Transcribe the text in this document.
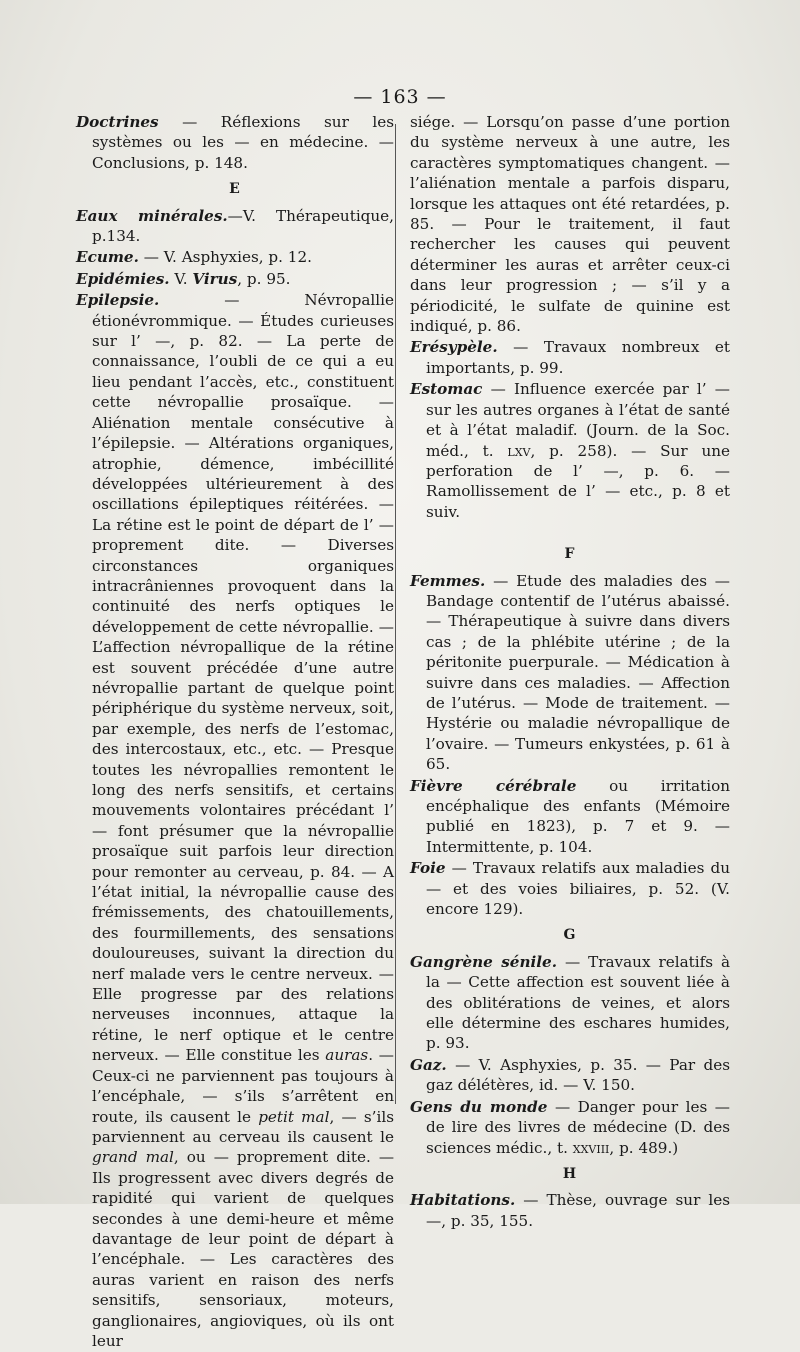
— 163 —

Doctrines — Réflexions sur les systèmes ou les — en médecine. — Conclusions, p. 148.

E

Eaux minérales.—V. Thérapeutique, p.134.

Ecume. — V. Asphyxies, p. 12.

Epidémies. V. Virus, p. 95.

Epilepsie. — Névropallie étionévrommique. — Études curieuses sur l’ —, p. 82. — La perte de connaissance, l’oubli de ce qui a eu lieu pendant l’accès, etc., constituent cette névropallie prosaïque. — Aliénation mentale consécutive à l’épilepsie. — Altérations organiques, atrophie, démence, imbécillité développées ultérieurement à des oscillations épileptiques réitérées. — La rétine est le point de départ de l’ — proprement dite. — Diverses circonstances organiques intracrâniennes provoquent dans la continuité des nerfs optiques le développement de cette névropallie. — L’affection névropallique de la rétine est souvent précédée d’une autre névropallie partant de quelque point périphérique du système nerveux, soit, par exemple, des nerfs de l’estomac, des intercostaux, etc., etc. — Presque toutes les névropallies remontent le long des nerfs sensitifs, et certains mouvements volontaires précédant l’ — font présumer que la névropallie prosaïque suit parfois leur direction pour remonter au cerveau, p. 84. — A l’état initial, la névropallie cause des frémissements, des chatouillements, des fourmillements, des sensations douloureuses, suivant la direction du nerf malade vers le centre nerveux. — Elle progresse par des relations nerveuses inconnues, attaque la rétine, le nerf optique et le centre nerveux. — Elle constitue les auras. — Ceux-ci ne parviennent pas toujours à l’encéphale, — s’ils s’arrêtent en route, ils causent le petit mal, — s’ils parviennent au cerveau ils causent le grand mal, ou — proprement dite. — Ils progressent avec divers degrés de rapidité qui varient de quelques secondes à une demi-heure et même davantage de leur point de départ à l’encéphale. — Les caractères des auras varient en raison des nerfs sensitifs, sensoriaux, moteurs, ganglionaires, angioviques, où ils ont leur

siége. — Lorsqu’on passe d’une portion du système nerveux à une autre, les caractères symptomatiques changent. — l’aliénation mentale a parfois disparu, lorsque les attaques ont été retardées, p. 85. — Pour le traitement, il faut rechercher les causes qui peuvent déterminer les auras et arrêter ceux-ci dans leur progression ; — s’il y a périodicité, le sulfate de quinine est indiqué, p. 86.

Erésypèle. — Travaux nombreux et importants, p. 99.

Estomac — Influence exercée par l’ — sur les autres organes à l’état de santé et à l’état maladif. (Journ. de la Soc. méd., t. lxv, p. 258). — Sur une perforation de l’ —, p. 6. — Ramollissement de l’ — etc., p. 8 et suiv.

F

Femmes. — Etude des maladies des — Bandage contentif de l’utérus abaissé. — Thérapeutique à suivre dans divers cas ; de la phlébite utérine ; de la péritonite puerpurale. — Médication à suivre dans ces maladies. — Affection de l’utérus. — Mode de traitement. — Hystérie ou maladie névropallique de l’ovaire. — Tumeurs enkystées, p. 61 à 65.

Fièvre cérébrale ou irritation encéphalique des enfants (Mémoire publié en 1823), p. 7 et 9. — Intermittente, p. 104.

Foie — Travaux relatifs aux maladies du — et des voies biliaires, p. 52. (V. encore 129).

G

Gangrène sénile. — Travaux relatifs à la — Cette affection est souvent liée à des oblitérations de veines, et alors elle détermine des eschares humides, p. 93.

Gaz. — V. Asphyxies, p. 35. — Par des gaz délétères, id. — V. 150.

Gens du monde — Danger pour les — de lire des livres de médecine (D. des sciences médic., t. xxviii, p. 489.)

H

Habitations. — Thèse, ouvrage sur les —, p. 35, 155.
